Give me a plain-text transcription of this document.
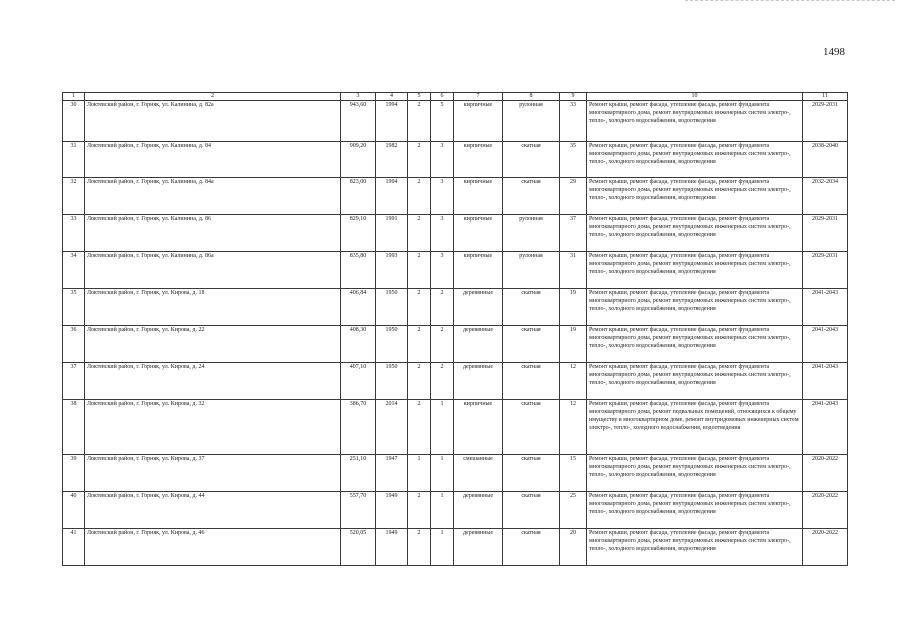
1498
1	2	3	4	5	6	7	8	9	10	11
30	Локтевский район, г. Горняк, ул. Калинина, д. 82а	943,60	1994	2	5	кирпичные	рулонная	33	Ремонт крыши, ремонт фасада, утепление фасада, ремонт фундамента многоквартирного дома, ремонт внутридомовых инженерных систем электро-, тепло-, холодного водоснабжения, водоотведения	2029-2031
31	Локтевский район, г. Горняк, ул. Калинина, д. 84	909,20	1982	2	3	кирпичные	скатная	35	Ремонт крыши, ремонт фасада, утепление фасада, ремонт фундамента многоквартирного дома, ремонт внутридомовых инженерных систем электро-, тепло-, холодного водоснабжения, водоотведения	2038-2040
32	Локтевский район, г. Горняк, ул. Калинина, д. 84а	823,00	1994	2	3	кирпичные	скатная	29	Ремонт крыши, ремонт фасада, утепление фасада, ремонт фундамента многоквартирного дома, ремонт внутридомовых инженерных систем электро-, тепло-, холодного водоснабжения, водоотведения	2032-2034
33	Локтевский район, г. Горняк, ул. Калинина, д. 86	829,10	1991	2	3	кирпичные	рулонная	37	Ремонт крыши, ремонт фасада, утепление фасада, ремонт фундамента многоквартирного дома, ремонт внутридомовых инженерных систем электро-, тепло-, холодного водоснабжения, водоотведения	2029-2031
34	Локтевский район, г. Горняк, ул. Калинина, д. 86а	835,80	1993	2	3	кирпичные	рулонная	31	Ремонт крыши, ремонт фасада, утепление фасада, ремонт фундамента многоквартирного дома, ремонт внутридомовых инженерных систем электро-, тепло-, холодного водоснабжения, водоотведения	2029-2031
35	Локтевский район, г. Горняк, ул. Кирова, д. 18	406,84	1950	2	2	деревянные	скатная	19	Ремонт крыши, ремонт фасада, утепление фасада, ремонт фундамента многоквартирного дома, ремонт внутридомовых инженерных систем электро-, тепло-, холодного водоснабжения, водоотведения	2041-2043
36	Локтевский район, г. Горняк, ул. Кирова, д. 22	408,30	1950	2	2	деревянные	скатная	19	Ремонт крыши, ремонт фасада, утепление фасада, ремонт фундамента многоквартирного дома, ремонт внутридомовых инженерных систем электро-, тепло-, холодного водоснабжения, водоотведения	2041-2043
37	Локтевский район, г. Горняк, ул. Кирова, д. 24	407,10	1950	2	2	деревянные	скатная	12	Ремонт крыши, ремонт фасада, утепление фасада, ремонт фундамента многоквартирного дома, ремонт внутридомовых инженерных систем электро-, тепло-, холодного водоснабжения, водоотведения	2041-2043
38	Локтевский район, г. Горняк, ул. Кирова, д. 32	386,70	2014	2	1	кирпичные	скатная	12	Ремонт крыши, ремонт фасада, утепление фасада, ремонт фундамента многоквартирного дома, ремонт подвальных помещений, относящихся к общему имуществу в многоквартирном доме, ремонт внутридомовых инженерных систем электро-, тепло-, холодного водоснабжения, водоотведения	2041-2043
39	Локтевский район, г. Горняк, ул. Кирова, д. 37	251,10	1947	1	1	смешанные	скатная	15	Ремонт крыши, ремонт фасада, утепление фасада, ремонт фундамента многоквартирного дома, ремонт внутридомовых инженерных систем электро-, тепло-, холодного водоснабжения, водоотведения	2020-2022
40	Локтевский район, г. Горняк, ул. Кирова, д. 44	557,70	1949	2	1	деревянные	скатная	25	Ремонт крыши, ремонт фасада, утепление фасада, ремонт фундамента многоквартирного дома, ремонт внутридомовых инженерных систем электро-, тепло-, холодного водоснабжения, водоотведения	2020-2022
41	Локтевский район, г. Горняк, ул. Кирова, д. 46	520,05	1949	2	1	деревянные	скатная	20	Ремонт крыши, ремонт фасада, утепление фасада, ремонт фундамента многоквартирного дома, ремонт внутридомовых инженерных систем электро-, тепло-, холодного водоснабжения, водоотведения	2020-2022
